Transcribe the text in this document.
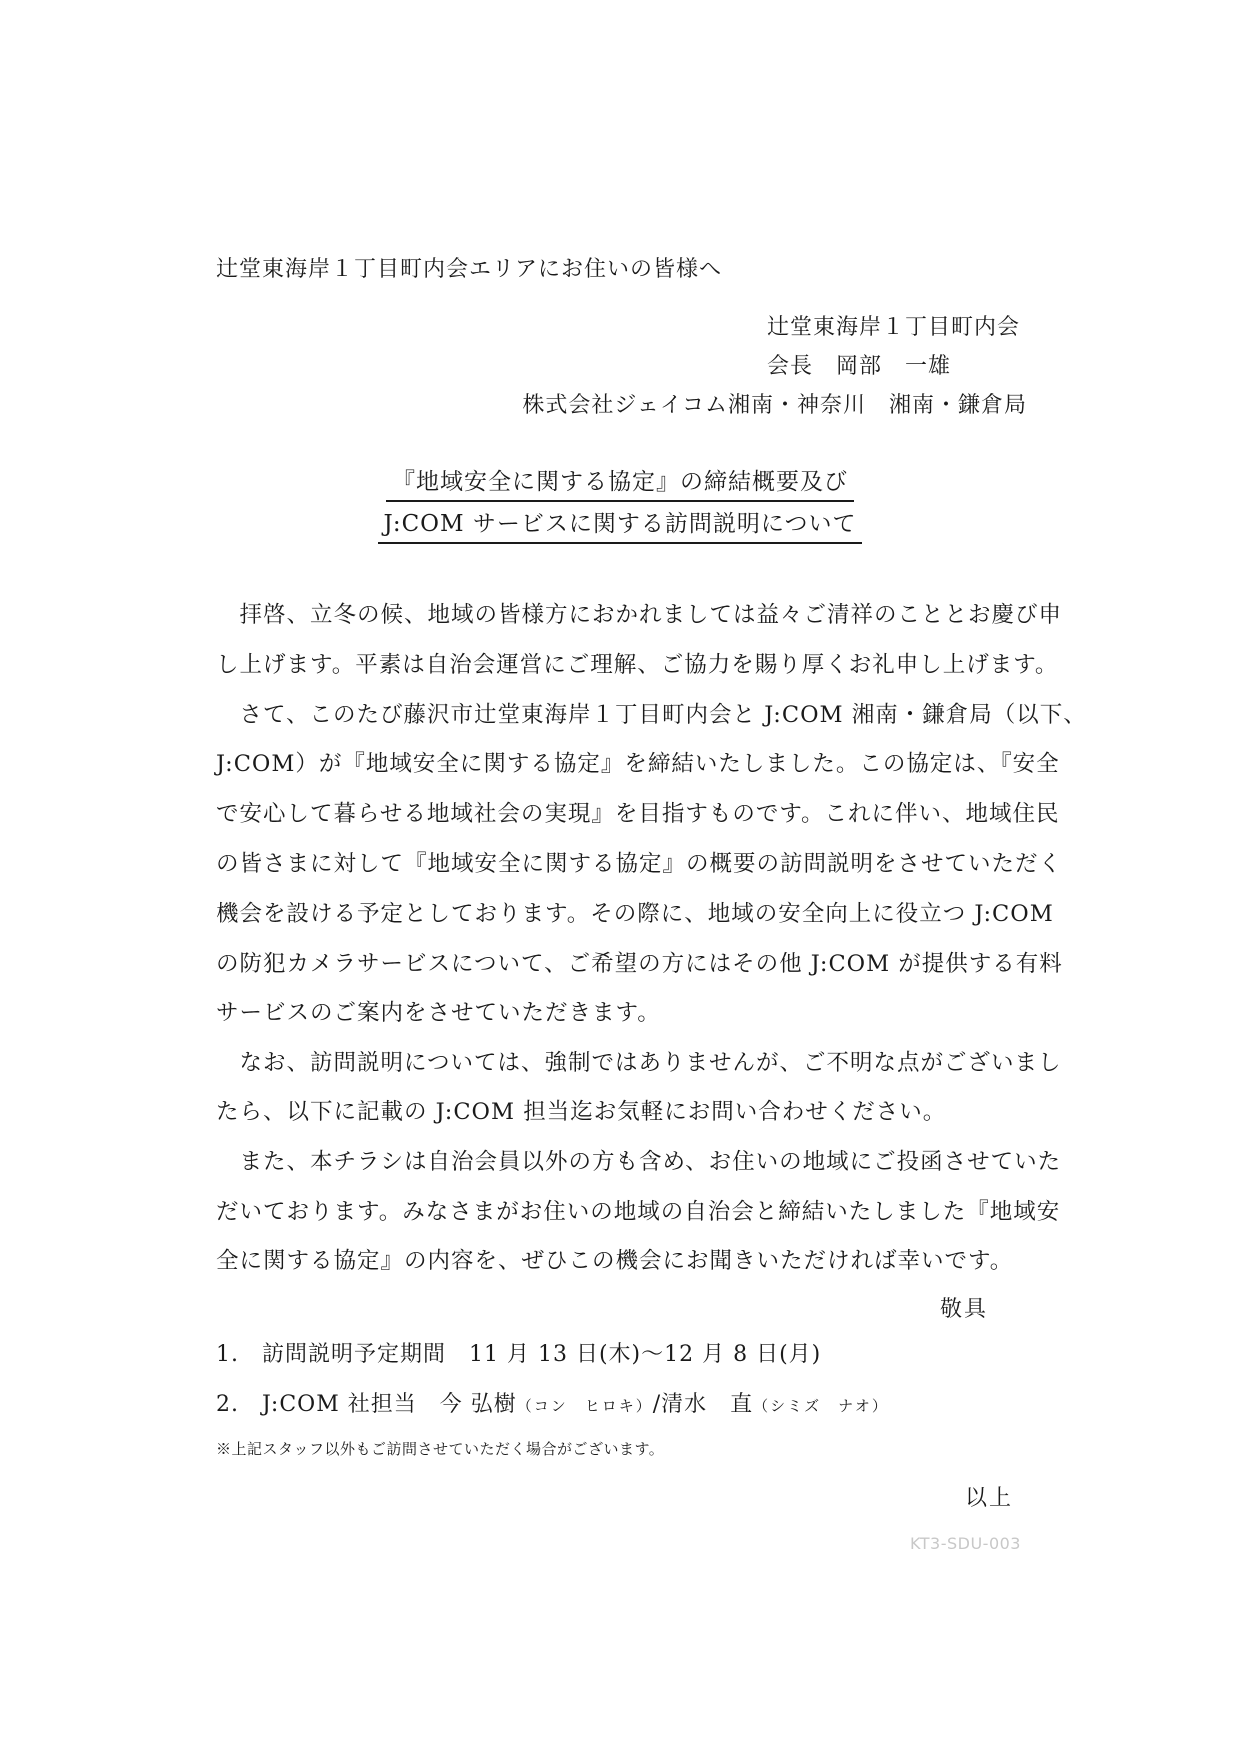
辻堂東海岸１丁目町内会エリアにお住いの皆様へ
辻堂東海岸１丁目町内会
会長　岡部　一雄
株式会社ジェイコム湘南・神奈川　湘南・鎌倉局
『地域安全に関する協定』の締結概要及び
J:COM サービスに関する訪問説明について
　拝啓、立冬の候、地域の皆様方におかれましては益々ご清祥のこととお慶び申
し上げます。平素は自治会運営にご理解、ご協力を賜り厚くお礼申し上げます。
　さて、このたび藤沢市辻堂東海岸１丁目町内会と J:COM 湘南・鎌倉局（以下、
J:COM）が『地域安全に関する協定』を締結いたしました。この協定は、『安全
で安心して暮らせる地域社会の実現』を目指すものです。これに伴い、地域住民
の皆さまに対して『地域安全に関する協定』の概要の訪問説明をさせていただく
機会を設ける予定としております。その際に、地域の安全向上に役立つ J:COM
の防犯カメラサービスについて、ご希望の方にはその他 J:COM が提供する有料
サービスのご案内をさせていただきます。
　なお、訪問説明については、強制ではありませんが、ご不明な点がございまし
たら、以下に記載の J:COM 担当迄お気軽にお問い合わせください。
　また、本チラシは自治会員以外の方も含め、お住いの地域にご投函させていた
だいております。みなさまがお住いの地域の自治会と締結いたしました『地域安
全に関する協定』の内容を、ぜひこの機会にお聞きいただければ幸いです。
敬具
1.　訪問説明予定期間　11 月 13 日(木)～12 月 8 日(月)
2.　J:COM 社担当　今 弘樹（コン　ヒロキ）/清水　直（シミズ　ナオ）
※上記スタッフ以外もご訪問させていただく場合がございます。
以上
KT3-SDU-003
